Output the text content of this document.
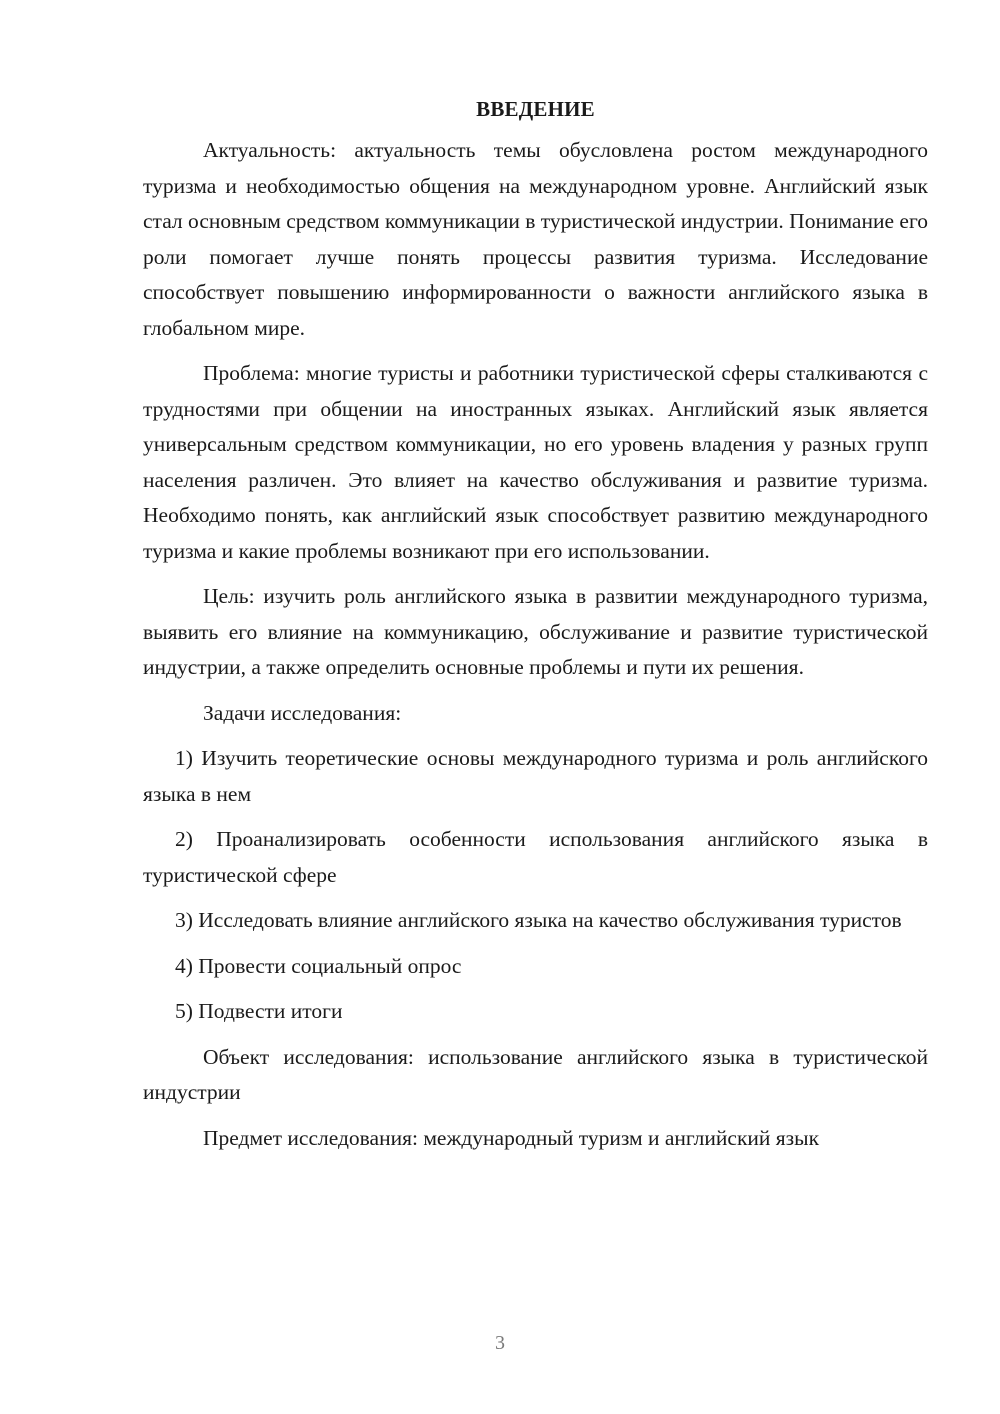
ВВЕДЕНИЕ

Актуальность: актуальность темы обусловлена ростом международного туризма и необходимостью общения на международном уровне. Английский язык стал основным средством коммуникации в туристической индустрии. Понимание его роли помогает лучше понять процессы развития туризма. Исследование способствует повышению информированности о важности английского языка в глобальном мире.

Проблема: многие туристы и работники туристической сферы сталкиваются с трудностями при общении на иностранных языках. Английский язык является универсальным средством коммуникации, но его уровень владения у разных групп населения различен. Это влияет на качество обслуживания и развитие туризма. Необходимо понять, как английский язык способствует развитию международного туризма и какие проблемы возникают при его использовании.

Цель: изучить роль английского языка в развитии международного туризма, выявить его влияние на коммуникацию, обслуживание и развитие туристической индустрии, а также определить основные проблемы и пути их решения.

Задачи исследования:

1) Изучить теоретические основы международного туризма и роль английского языка в нем

2) Проанализировать особенности использования английского языка в туристической сфере

3) Исследовать влияние английского языка на качество обслуживания туристов

4) Провести социальный опрос

5) Подвести итоги

Объект исследования: использование английского языка в туристической индустрии

Предмет исследования: международный туризм и английский язык

3
